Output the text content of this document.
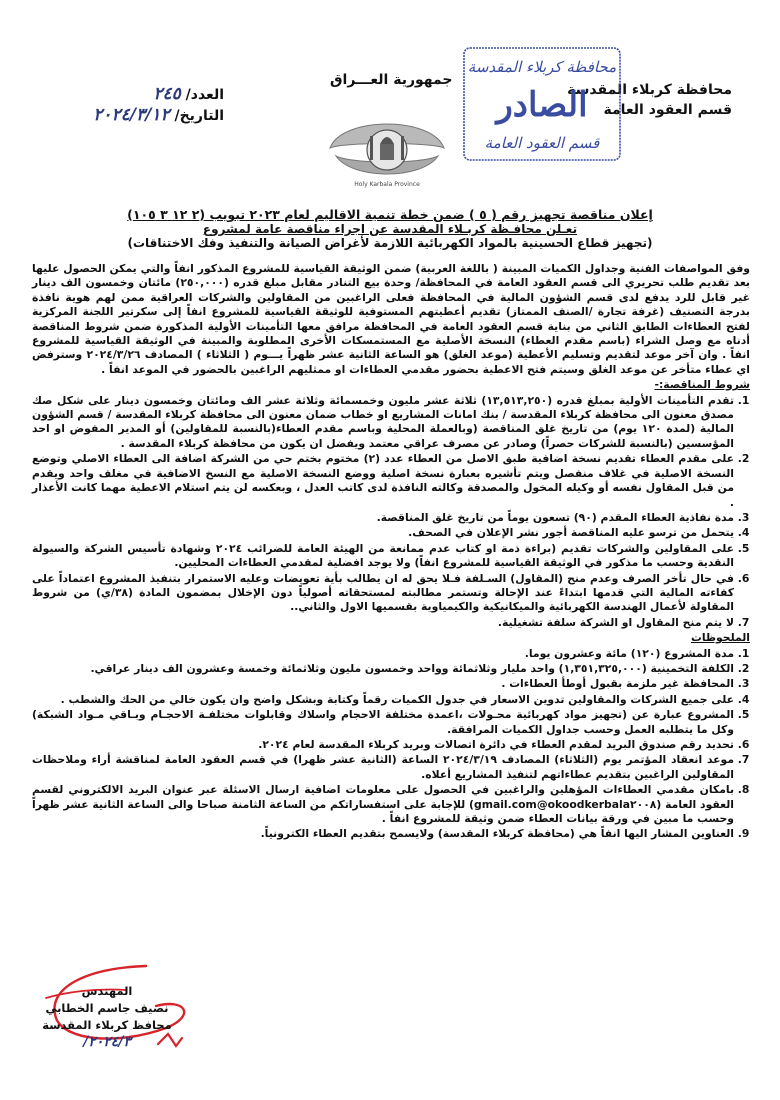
محافظة كربلاء المقدسة
قسم العقود العامة
محافظة كربلاء المقدسة
الصادر
قسم العقود العامة
جمهورية العـــراق
Holy Karbala Province
العدد/ ٢٤٥
التاريخ/ ٢٠٢٤/٣/١٢
إعلان مناقصة تجهيز رقم ( ٥ ) ضمن خطة تنمية الاقاليم لعام ٢٠٢٣ تبويب (٢ ١٢ ٣ ١٠٥)
تعـلن محافـظة كربـلاء المقدسة عن اجراء مناقصة عامة لمشروع
(تجهيز قطاع الحسينية بالمواد الكهربائية اللازمة لأغراض الصيانة والتنفيذ وفك الاختناقات)

وفق المواصفات الفنية وجداول الكميات المبينة ( باللغة العربية) ضمن الوثيقة القياسية للمشروع المذكور انفاً والتي يمكن الحصول عليها بعد تقديم طلب تحريري الى قسم العقود العامة في المحافظة/ وحدة بيع التنادر مقابل مبلغ قدره (٢٥٠,٠٠٠) مائتان وخمسون الف دينار غير قابل للرد يدفع لدى قسم الشؤون المالية في المحافظة فعلى الراغبين من المقاولين والشركات العراقية ممن لهم هوية نافذة بدرجة التصنيف (غرفة تجارة /الصنف الممتاز) تقديم أعطيتهم المستوفية للوثيقة القياسية للمشروع انفاً إلى سكرتير اللجنة المركزية لفتح العطاءات الطابق الثاني من بناية قسم العقود العامة في المحافظة مرافق معها التأمينات الأولية المذكورة ضمن شروط المناقصة أدناه مع وصل الشراء (باسم مقدم العطاء) النسخة الأصلية مع المستمسكات الأخرى المطلوبة والمبينة في الوثيقة القياسية للمشروع انفاً . وان آخر موعد لتقديم وتسليم الأعطية (موعد الغلق) هو الساعة الثانية عشر ظهراً يـــوم ( الثلاثاء ) المصادف ٢٠٢٤/٣/٢٦ وسترفض اي عطاء متأخر عن موعد الغلق وسيتم فتح الاعطية بحضور مقدمي العطاءات او ممثليهم الراغبين بالحضور في الموعد انفاً .

شروط المناقصة:-

1. تقدم التأمينات الأولية بمبلغ قدره (١٣,٥١٣,٢٥٠) ثلاثة عشر مليون وخمسمائة وثلاثة عشر الف ومائتان وخمسون دينار على شكل صك مصدق معنون الى محافظة كربلاء المقدسة / بنك امانات المشاريع او خطاب ضمان معنون الى محافظة كربلاء المقدسة / قسم الشؤون المالية (لمدة ١٢٠ يوم) من تاريخ غلق المناقصة (وبالعملة المحلية وباسم مقدم العطاء(بالنسبة للمقاولين) أو المدير المفوض او احد المؤسسين (بالنسبة للشركات حصراً) وصادر عن مصرف عراقي معتمد ويفضل ان يكون من محافظة كربلاء المقدسة .
2. على مقدم العطاء تقديم نسخة اضافية طبق الاصل من العطاء عدد (٢) مختوم بختم حي من الشركة اضافة الى العطاء الاصلي وتوضع النسخة الاصلية في غلاف منفصل ويتم تأشيره بعبارة نسخة اصلية ووضع النسخة الاصلية مع النسخ الاضافية في مغلف واحد ويقدم من قبل المقاول نفسه أو وكيله المخول والمصدقة وكالته النافذة لدى كاتب العدل ، وبعكسه لن يتم استلام الاعطية مهما كانت الأعذار .
3. مدة نفاذية العطاء المقدم (٩٠) تسعون يوماً من تاريخ غلق المناقصة.
4. يتحمل من ترسو عليه المناقصة أجور نشر الإعلان في الصحف.
5. على المقاولين والشركات تقديم (براءة ذمة او كتاب عدم ممانعة من الهيئة العامة للضرائب ٢٠٢٤ وشهادة تأسيس الشركة والسيولة النقدية وحسب ما مذكور في الوثيقة القياسية للمشروع انفاً) ولا يوجد افضلية لمقدمي العطاءات المحليين.
6. في حال تأخر الصرف وعدم منح (المقاول) السـلفة فـلا يحق له ان يطالب بأية تعويضات وعليه الاستمرار بتنفيذ المشروع اعتماداً على كفاءته المالية التي قدمها ابتداءً عند الإحالة وتستمر مطالبته لمستحقاته أصولياً دون الإخلال بمضمون المادة (٣٨/ي) من شروط المقاولة لأعمال الهندسة الكهربائية والميكانيكية والكيمياوية بقسميها الاول والثاني..
7. لا يتم منح المقاول او الشركة سلفة تشغيلية.

الملحوظات

1. مدة المشروع (١٢٠) مائة وعشرون يوما.
2. الكلفة التخمينية (١,٣٥١,٣٢٥,٠٠٠) واحد مليار وثلاثمائة وواحد وخمسون مليون وثلاثمائة وخمسة وعشرون الف دينار عراقي.
3. المحافظة غير ملزمة بقبول أوطأ العطاءات .
4. على جميع الشركات والمقاولين تدوين الاسعار في جدول الكميات رقماً وكتابة وبشكل واضح وان يكون خالي من الحك والشطب .
5. المشروع عبارة عن (تجهيز مواد كهربائية محـولات ،اعمدة مختلفة الاحجام واسلاك وقابلوات مختلفـة الاحجـام وبـاقي مـواد الشبكة) وكل ما يتطلبه العمل وحسب جداول الكميات المرافقة.
6. تحديد رقم صندوق البريد لمقدم العطاء في دائرة اتصالات وبريد كربلاء المقدسة لعام ٢٠٢٤.
7. موعد انعقاد المؤتمر يوم (الثلاثاء) المصادف ٢٠٢٤/٣/١٩ الساعة (الثانية عشر ظهرا) في قسم العقود العامة لمناقشة أراء وملاحظات المقاولين الراغبين بتقديم عطاءاتهم لتنفيذ المشاريع أعلاه.
8. بامكان مقدمي العطاءات المؤهلين والراغبين في الحصول على معلومات اضافية ارسال الاسئلة عبر عنوان البريد الالكتروني لقسم العقود العامة (okoodkerbala٢٠٠٨@gmail.com) للإجابة على استفساراتكم من الساعة الثامنة صباحا والى الساعة الثانية عشر ظهراً وحسب ما مبين في ورقة بيانات العطاء ضمن وثيقة للمشروع انفاً .
9. العناوين المشار اليها انفاً هي (محافظة كربلاء المقدسة) ولايسمح بتقديم العطاء الكترونياً.
المهندس
نصيف جاسم الخطابي
محافظ كربلاء المقدسة
٢٠٢٤/٣/
